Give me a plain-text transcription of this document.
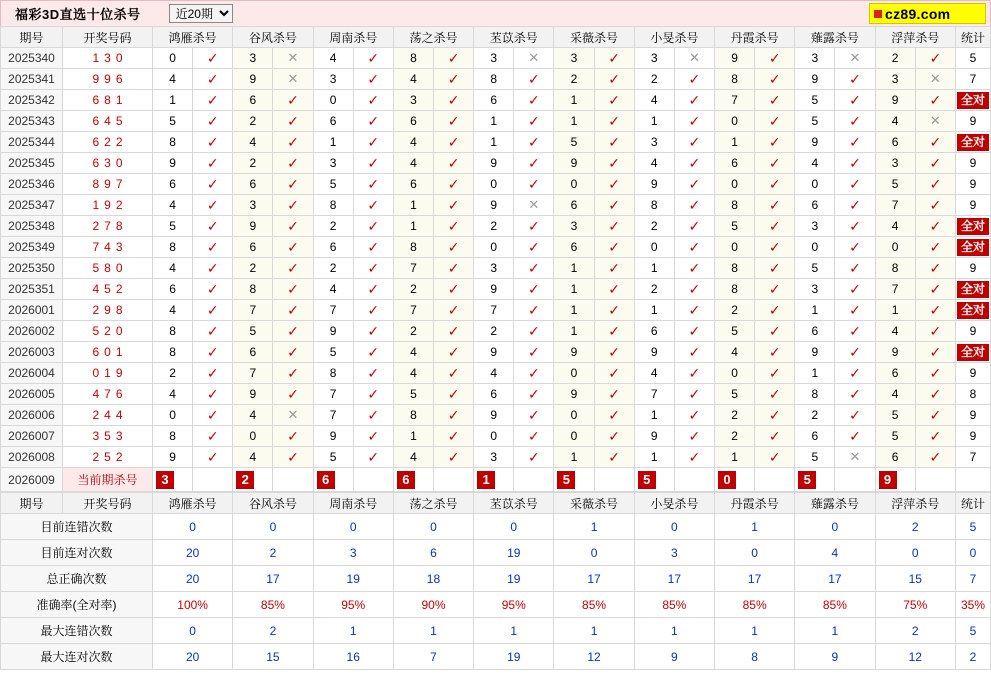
福彩3D直选十位杀号
近20期	cz89.com
期号	开奖号码	鸿雁杀号		谷风杀号		周南杀号		荡之杀号		苤苡杀号		采薇杀号		小旻杀号		丹霞杀号		薙露杀号		浮萍杀号		统计
2025340	130	0	✓	3	✕	4	✓	8	✓	3	✕	3	✓	3	✕	9	✓	3	✕	2	✓	5
2025341	996	4	✓	9	✕	3	✓	4	✓	8	✓	2	✓	2	✓	8	✓	9	✓	3	✕	7
2025342	681	1	✓	6	✓	0	✓	3	✓	6	✓	1	✓	4	✓	7	✓	5	✓	9	✓	全对

2025343	645	5	✓	2	✓	6	✓	6	✓	1	✓	1	✓	1	✓	0	✓	5	✓	4	✕	9
2025344	622	8	✓	4	✓	1	✓	4	✓	1	✓	5	✓	3	✓	1	✓	9	✓	6	✓	全对

2025345	630	9	✓	2	✓	3	✓	4	✓	9	✓	9	✓	4	✓	6	✓	4	✓	3	✓	9
2025346	897	6	✓	6	✓	5	✓	6	✓	0	✓	0	✓	9	✓	0	✓	0	✓	5	✓	9
2025347	192	4	✓	3	✓	8	✓	1	✓	9	✕	6	✓	8	✓	8	✓	6	✓	7	✓	9
2025348	278	5	✓	9	✓	2	✓	1	✓	2	✓	3	✓	2	✓	5	✓	3	✓	4	✓	全对

2025349	743	8	✓	6	✓	6	✓	8	✓	0	✓	6	✓	0	✓	0	✓	0	✓	0	✓	全对

2025350	580	4	✓	2	✓	2	✓	7	✓	3	✓	1	✓	1	✓	8	✓	5	✓	8	✓	9
2025351	452	6	✓	8	✓	4	✓	2	✓	9	✓	1	✓	2	✓	8	✓	3	✓	7	✓	全对

2026001	298	4	✓	7	✓	7	✓	7	✓	7	✓	1	✓	1	✓	2	✓	1	✓	1	✓	全对

2026002	520	8	✓	5	✓	9	✓	2	✓	2	✓	1	✓	6	✓	5	✓	6	✓	4	✓	9
2026003	601	8	✓	6	✓	5	✓	4	✓	9	✓	9	✓	9	✓	4	✓	9	✓	9	✓	全对

2026004	019	2	✓	7	✓	8	✓	4	✓	4	✓	0	✓	4	✓	0	✓	1	✓	6	✓	9
2026005	476	4	✓	9	✓	7	✓	5	✓	6	✓	9	✓	7	✓	5	✓	8	✓	4	✓	8
2026006	244	0	✓	4	✕	7	✓	8	✓	9	✓	0	✓	1	✓	2	✓	2	✓	5	✓	9
2026007	353	8	✓	0	✓	9	✓	1	✓	0	✓	0	✓	9	✓	2	✓	6	✓	5	✓	9
2026008	252	9	✓	4	✓	5	✓	4	✓	3	✓	1	✓	1	✓	1	✓	5	✕	6	✓	7
2026009	当前期杀号	3		2		6		6		1		5		5		0		5		9		

期号	开奖号码	鸿雁杀号	谷风杀号	周南杀号	荡之杀号	苤苡杀号	采薇杀号	小旻杀号	丹霞杀号	薙露杀号	浮萍杀号	统计
目前连错次数		0	0	0	0	0	1	0	1	0	2	5
目前连对次数		20	2	3	6	19	0	3	0	4	0	0
总正确次数		20	17	19	18	19	17	17	17	17	15	7
准确率(全对率)		100%	85%	95%	90%	95%	85%	85%	85%	85%	75%	35%
最大连错次数		0	2	1	1	1	1	1	1	1	2	5
最大连对次数		20	15	16	7	19	12	9	8	9	12	2
